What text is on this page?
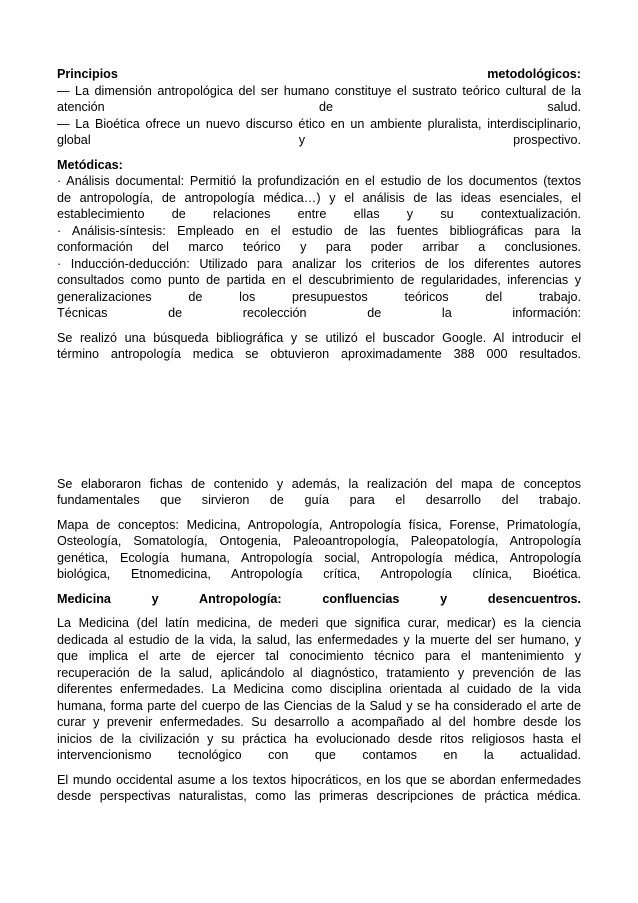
Principios	metodológicos:
— La dimensión antropológica del ser humano constituye el sustrato teórico cultural de la
atención de salud.
— La Bioética ofrece un nuevo discurso ético en un ambiente pluralista, interdisciplinario,
global y prospectivo.
Metódicas:
· Análisis documental: Permitió la profundización en el estudio de los documentos (textos
de antropología, de antropología médica…) y el análisis de las ideas esenciales, el
establecimiento de relaciones entre ellas y su contextualización.
· Análisis-síntesis: Empleado en el estudio de las fuentes bibliográficas para la
conformación del marco teórico y para poder arribar a conclusiones.
· Inducción-deducción: Utilizado para analizar los criterios de los diferentes autores
consultados como punto de partida en el descubrimiento de regularidades, inferencias y
generalizaciones de los presupuestos teóricos del trabajo.
Técnicas de recolección de la información:
Se realizó una búsqueda bibliográfica y se utilizó el buscador Google. Al introducir el
término antropología medica se obtuvieron aproximadamente 388 000 resultados.
Se elaboraron fichas de contenido y además, la realización del mapa de conceptos
fundamentales que sirvieron de guía para el desarrollo del trabajo.
Mapa de conceptos: Medicina, Antropología, Antropología física, Forense, Primatología,
Osteología, Somatología, Ontogenia, Paleoantropología, Paleopatología, Antropología
genética, Ecología humana, Antropología social, Antropología médica, Antropología
biológica, Etnomedicina, Antropología crítica, Antropología clínica, Bioética.
Medicina y Antropología: confluencias y desencuentros.
La Medicina (del latín medicina, de mederi que significa curar, medicar) es la ciencia
dedicada al estudio de la vida, la salud, las enfermedades y la muerte del ser humano, y
que implica el arte de ejercer tal conocimiento técnico para el mantenimiento y
recuperación de la salud, aplicándolo al diagnóstico, tratamiento y prevención de las
diferentes enfermedades. La Medicina como disciplina orientada al cuidado de la vida
humana, forma parte del cuerpo de las Ciencias de la Salud y se ha considerado el arte de
curar y prevenir enfermedades. Su desarrollo a acompañado al del hombre desde los
inicios de la civilización y su práctica ha evolucionado desde ritos religiosos hasta el
intervencionismo tecnológico con que contamos en la actualidad.
El mundo occidental asume a los textos hipocráticos, en los que se abordan enfermedades
desde perspectivas naturalistas, como las primeras descripciones de práctica médica.
